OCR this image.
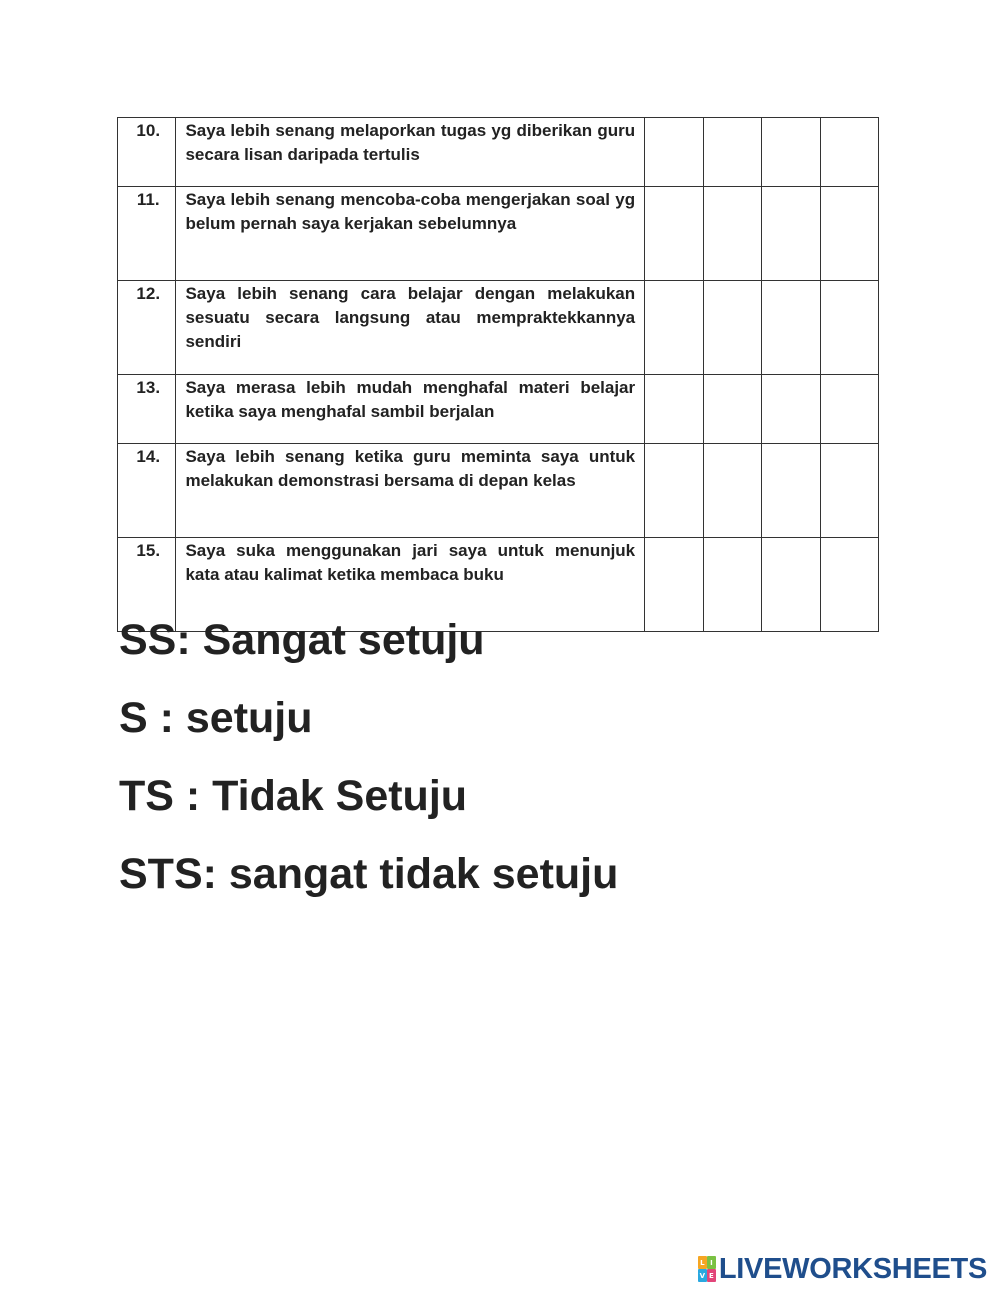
10.	Saya lebih senang melaporkan tugas yg diberikan guru secara lisan daripada tertulis				
11.	Saya lebih senang mencoba-coba mengerjakan soal yg belum pernah saya kerjakan sebelumnya				
12.	Saya lebih senang cara belajar dengan melakukan sesuatu secara langsung atau mempraktekkannya sendiri				
13.	Saya merasa lebih mudah menghafal materi belajar ketika saya menghafal sambil berjalan				
14.	Saya lebih senang ketika guru meminta saya untuk melakukan demonstrasi bersama di depan kelas				
15.	Saya suka menggunakan jari saya untuk menunjuk kata atau kalimat ketika membaca buku				
SS: Sangat setuju
S : setuju
TS : Tidak Setuju
STS: sangat tidak setuju
L I
V E LIVEWORKSHEETS
